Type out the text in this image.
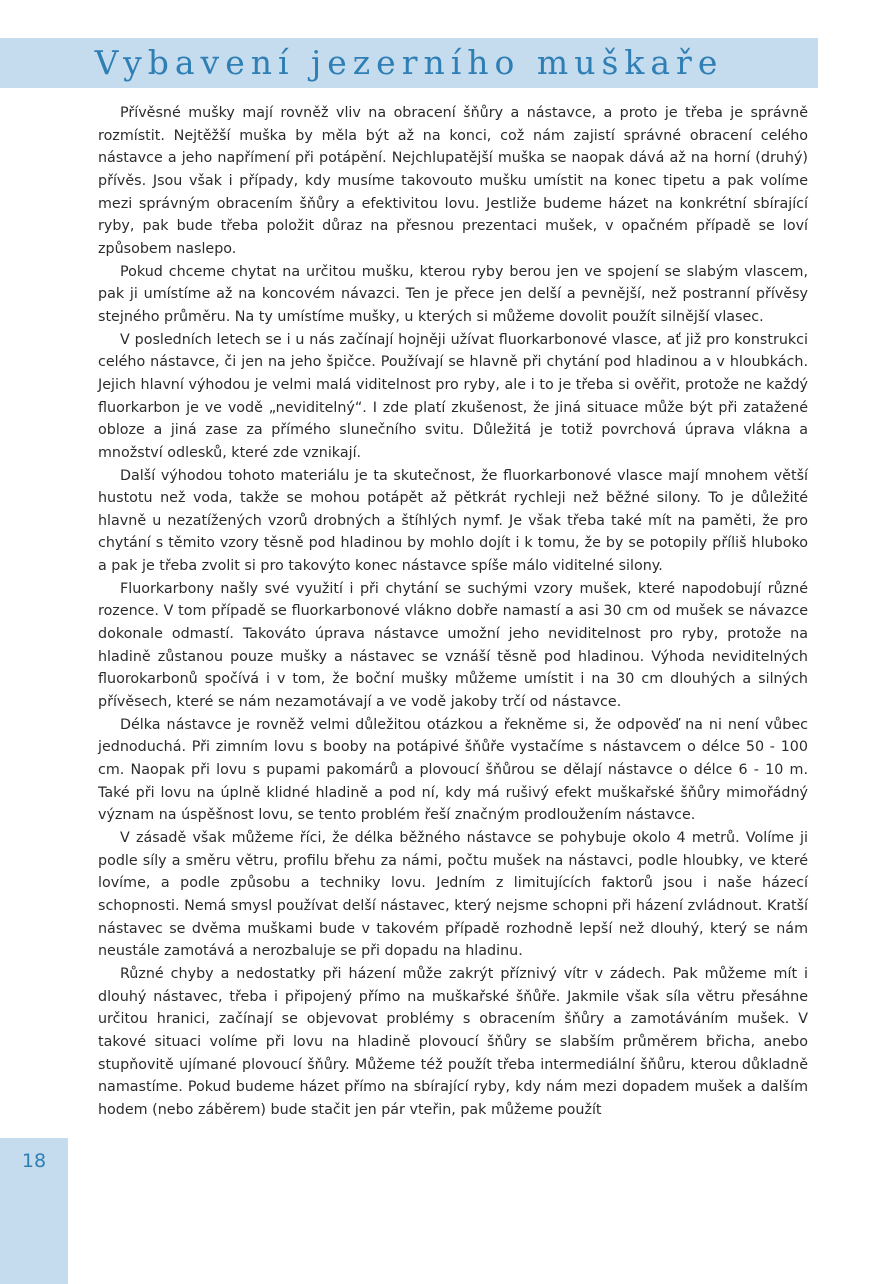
Vybavení jezerního muškaře

Přívěsné mušky mají rovněž vliv na obracení šňůry a nástavce, a proto je třeba je správně rozmístit. Nejtěžší muška by měla být až na konci, což nám zajistí správné obracení celého nástavce a jeho napřímení při potápění. Nejchlupatější muška se naopak dává až na horní (druhý) přívěs. Jsou však i případy, kdy musíme takovouto mušku umístit na konec tipetu a pak volíme mezi správným obracením šňůry a efektivitou lovu. Jestliže budeme házet na konkrétní sbírající ryby, pak bude třeba položit důraz na přesnou prezentaci mušek, v opačném případě se loví způsobem naslepo.

Pokud chceme chytat na určitou mušku, kterou ryby berou jen ve spojení se slabým vlascem, pak ji umístíme až na koncovém návazci. Ten je přece jen delší a pevnější, než postranní přívěsy stejného průměru. Na ty umístíme mušky, u kterých si můžeme dovolit použít silnější vlasec.

V posledních letech se i u nás začínají hojněji užívat fluorkarbonové vlasce, ať již pro konstrukci celého nástavce, či jen na jeho špičce. Používají se hlavně při chytání pod hladinou a v hloubkách. Jejich hlavní výhodou je velmi malá viditelnost pro ryby, ale i to je třeba si ověřit, protože ne každý fluorkarbon je ve vodě „neviditelný“. I zde platí zkušenost, že jiná situace může být při zatažené obloze a jiná zase za přímého slunečního svitu. Důležitá je totiž povrchová úprava vlákna a množství odlesků, které zde vznikají.

Další výhodou tohoto materiálu je ta skutečnost, že fluorkarbonové vlasce mají mnohem větší hustotu než voda, takže se mohou potápět až pětkrát rychleji než běžné silony. To je důležité hlavně u nezatížených vzorů drobných a štíhlých nymf. Je však třeba také mít na paměti, že pro chytání s těmito vzory těsně pod hladinou by mohlo dojít i k tomu, že by se potopily příliš hluboko a pak je třeba zvolit si pro takovýto konec nástavce spíše málo viditelné silony.

Fluorkarbony našly své využití i při chytání se suchými vzory mušek, které napodobují různé rozence. V tom případě se fluorkarbonové vlákno dobře namastí a asi 30 cm od mušek se návazce dokonale odmastí. Takováto úprava nástavce umožní jeho neviditelnost pro ryby, protože na hladině zůstanou pouze mušky a nástavec se vznáší těsně pod hladinou. Výhoda neviditelných fluorokarbonů spočívá i v tom, že boční mušky můžeme umístit i na 30 cm dlouhých a silných přívěsech, které se nám nezamotávají a ve vodě jakoby trčí od nástavce.

Délka nástavce je rovněž velmi důležitou otázkou a řekněme si, že odpověď na ni není vůbec jednoduchá. Při zimním lovu s booby na potápivé šňůře vystačíme s nástavcem o délce 50 - 100 cm. Naopak při lovu s pupami pakomárů a plovoucí šňůrou se dělají nástavce o délce 6 - 10 m. Také při lovu na úplně klidné hladině a pod ní, kdy má rušivý efekt muškařské šňůry mimořádný význam na úspěšnost lovu, se tento problém řeší značným prodloužením nástavce.

V zásadě však můžeme říci, že délka běžného nástavce se pohybuje okolo 4 metrů. Volíme ji podle síly a směru větru, profilu břehu za námi, počtu mušek na nástavci, podle hloubky, ve které lovíme, a podle způsobu a techniky lovu. Jedním z limitujících faktorů jsou i naše házecí schopnosti. Nemá smysl používat delší nástavec, který nejsme schopni při házení zvládnout. Kratší nástavec se dvěma muškami bude v takovém případě rozhodně lepší než dlouhý, který se nám neustále zamotává a nerozbaluje se při dopadu na hladinu.

Různé chyby a nedostatky při házení může zakrýt příznivý vítr v zádech. Pak můžeme mít i dlouhý nástavec, třeba i připojený přímo na muškařské šňůře. Jakmile však síla větru přesáhne určitou hranici, začínají se objevovat problémy s obracením šňůry a zamotáváním mušek. V takové situaci volíme při lovu na hladině plovoucí šňůry se slabším průměrem břicha, anebo stupňovitě ujímané plovoucí šňůry. Můžeme též použít třeba intermediální šňůru, kterou důkladně namastíme. Pokud budeme házet přímo na sbírající ryby, kdy nám mezi dopadem mušek a dalším hodem (nebo záběrem) bude stačit jen pár vteřin, pak můžeme použít

18
